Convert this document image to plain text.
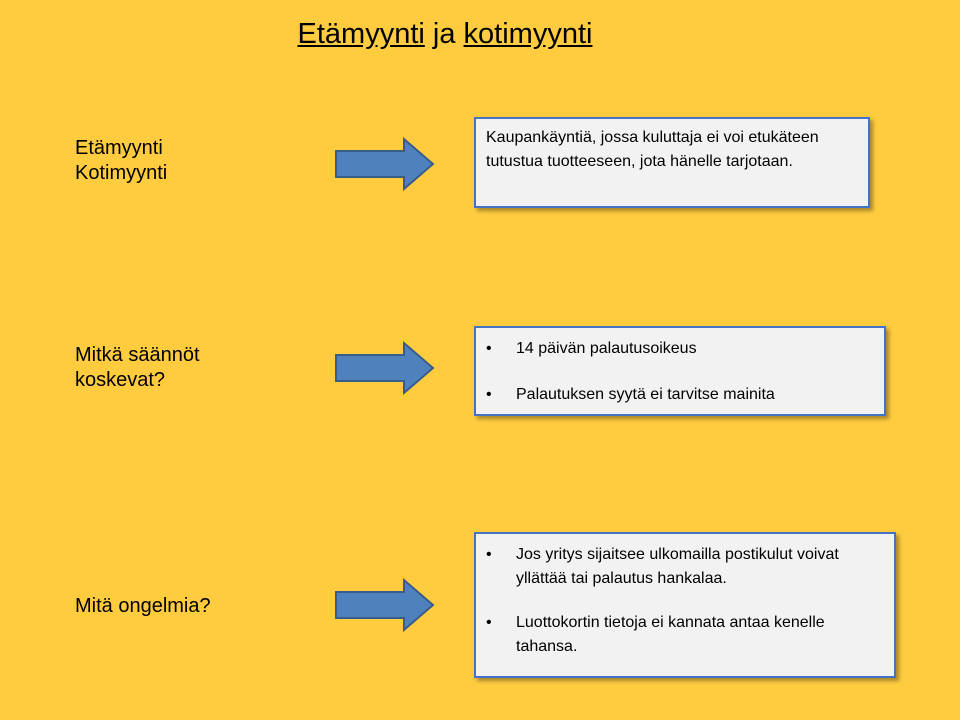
Etämyynti ja kotimyynti
Etämyynti
Kotimyynti

Kaupankäyntiä, jossa kuluttaja ei voi etukäteen tutustua tuotteeseen, jota hänelle tarjotaan.

Mitkä säännöt
koskevat?
• 14 päivän palautusoikeus
• Palautuksen syytä ei tarvitse mainita
Mitä ongelmia?
• Jos yritys sijaitsee ulkomailla postikulut voivat yllättää tai palautus hankalaa.
• Luottokortin tietoja ei kannata antaa kenelle tahansa.
